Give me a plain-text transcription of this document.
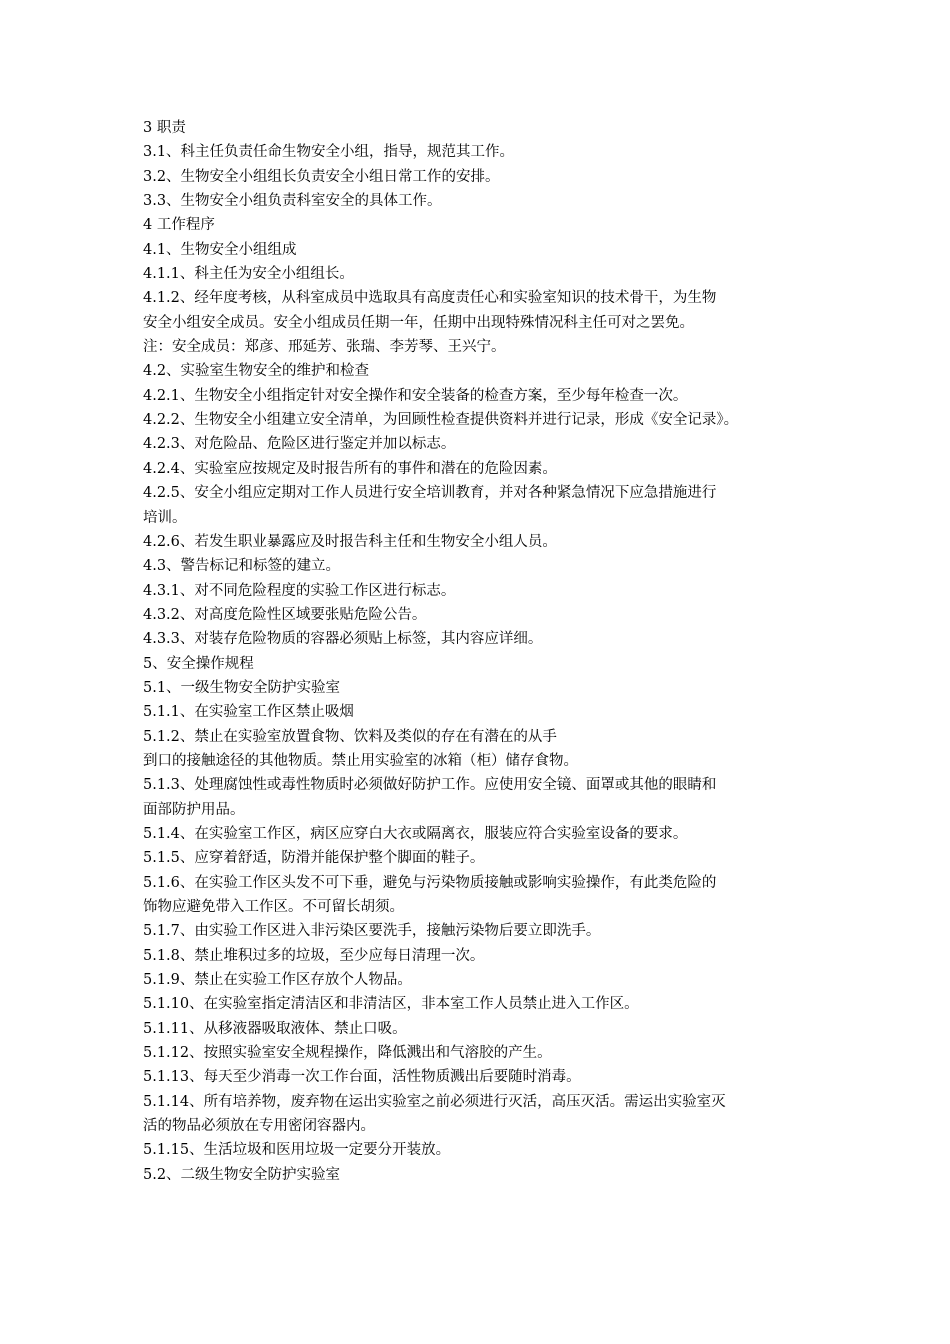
3 职责
3.1、科主任负责任命生物安全小组，指导，规范其工作。
3.2、生物安全小组组长负责安全小组日常工作的安排。
3.3、生物安全小组负责科室安全的具体工作。
4 工作程序
4.1、生物安全小组组成
4.1.1、科主任为安全小组组长。
4.1.2、经年度考核，从科室成员中选取具有高度责任心和实验室知识的技术骨干，为生物
安全小组安全成员。安全小组成员任期一年，任期中出现特殊情况科主任可对之罢免。
注：安全成员：郑彦、邢延芳、张瑞、李芳琴、王兴宁。
4.2、实验室生物安全的维护和检查
4.2.1、生物安全小组指定针对安全操作和安全装备的检查方案，至少每年检查一次。
4.2.2、生物安全小组建立安全清单，为回顾性检查提供资料并进行记录，形成《安全记录》。
4.2.3、对危险品、危险区进行鉴定并加以标志。
4.2.4、实验室应按规定及时报告所有的事件和潜在的危险因素。
4.2.5、安全小组应定期对工作人员进行安全培训教育，并对各种紧急情况下应急措施进行
培训。
4.2.6、若发生职业暴露应及时报告科主任和生物安全小组人员。
4.3、警告标记和标签的建立。
4.3.1、对不同危险程度的实验工作区进行标志。
4.3.2、对高度危险性区域要张贴危险公告。
4.3.3、对装存危险物质的容器必须贴上标签，其内容应详细。
5、安全操作规程
5.1、一级生物安全防护实验室
5.1.1、在实验室工作区禁止吸烟
5.1.2、禁止在实验室放置食物、饮料及类似的存在有潜在的从手
到口的接触途径的其他物质。禁止用实验室的冰箱（柜）储存食物。
5.1.3、处理腐蚀性或毒性物质时必须做好防护工作。应使用安全镜、面罩或其他的眼睛和
面部防护用品。
5.1.4、在实验室工作区，病区应穿白大衣或隔离衣，服装应符合实验室设备的要求。
5.1.5、应穿着舒适，防滑并能保护整个脚面的鞋子。
5.1.6、在实验工作区头发不可下垂，避免与污染物质接触或影响实验操作，有此类危险的
饰物应避免带入工作区。不可留长胡须。
5.1.7、由实验工作区进入非污染区要洗手，接触污染物后要立即洗手。
5.1.8、禁止堆积过多的垃圾，至少应每日清理一次。
5.1.9、禁止在实验工作区存放个人物品。
5.1.10、在实验室指定清洁区和非清洁区，非本室工作人员禁止进入工作区。
5.1.11、从移液器吸取液体、禁止口吸。
5.1.12、按照实验室安全规程操作，降低溅出和气溶胶的产生。
5.1.13、每天至少消毒一次工作台面，活性物质溅出后要随时消毒。
5.1.14、所有培养物，废弃物在运出实验室之前必须进行灭活，高压灭活。需运出实验室灭
活的物品必须放在专用密闭容器内。
5.1.15、生活垃圾和医用垃圾一定要分开装放。
5.2、二级生物安全防护实验室
